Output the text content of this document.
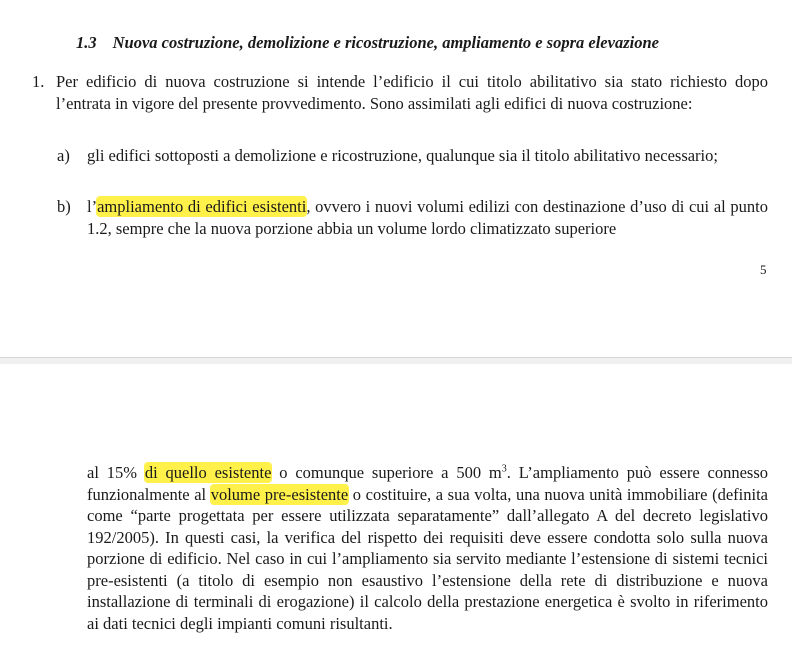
1.3 Nuova costruzione, demolizione e ricostruzione, ampliamento e sopra elevazione
1. Per edificio di nuova costruzione si intende l’edificio il cui titolo abilitativo sia stato richiesto dopo l’entrata in vigore del presente provvedimento. Sono assimilati agli edifici di nuova costruzione:
a) gli edifici sottoposti a demolizione e ricostruzione, qualunque sia il titolo abilitativo necessario;
b) l’ampliamento di edifici esistenti, ovvero i nuovi volumi edilizi con destinazione d’uso di cui al punto 1.2, sempre che la nuova porzione abbia un volume lordo climatizzato superiore
5
al 15% di quello esistente o comunque superiore a 500 $m^3$. L’ampliamento può essere connesso funzionalmente al volume pre-esistente o costituire, a sua volta, una nuova unità immobiliare (definita come “parte progettata per essere utilizzata separatamente” dall’allegato A del decreto legislativo 192/2005). In questi casi, la verifica del rispetto dei requisiti deve essere condotta solo sulla nuova porzione di edificio. Nel caso in cui l’ampliamento sia servito mediante l’estensione di sistemi tecnici pre-esistenti (a titolo di esempio non esaustivo l’estensione della rete di distribuzione e nuova installazione di terminali di erogazione) il calcolo della prestazione energetica è svolto in riferimento ai dati tecnici degli impianti comuni risultanti.
